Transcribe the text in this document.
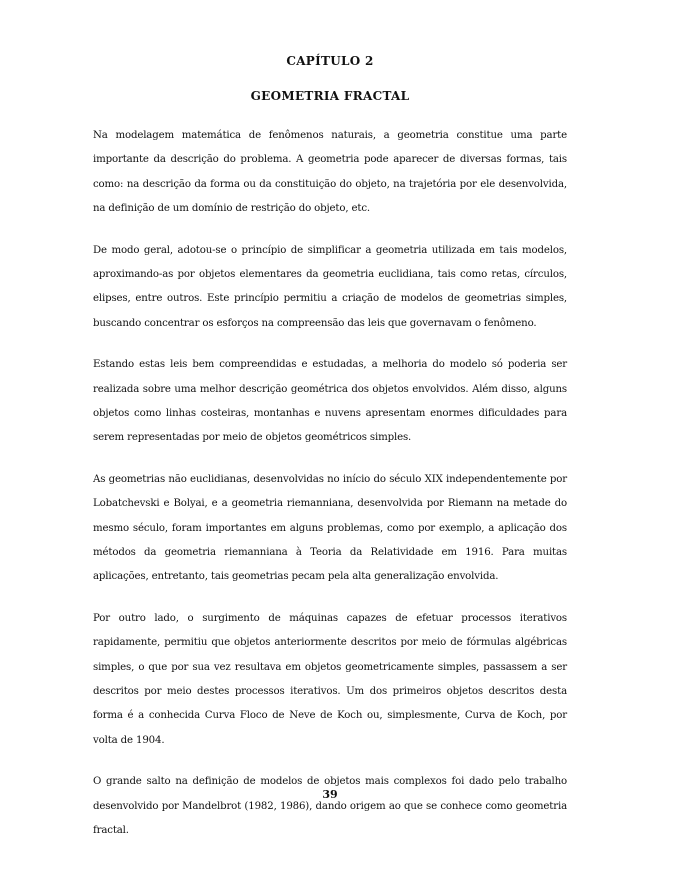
CAPÍTULO 2
GEOMETRIA FRACTAL

Na modelagem matemática de fenômenos naturais, a geometria constitue uma parte importante da descrição do problema. A geometria pode aparecer de diversas formas, tais como: na descrição da forma ou da constituição do objeto, na trajetória por ele desenvolvida, na definição de um domínio de restrição do objeto, etc.

De modo geral, adotou-se o princípio de simplificar a geometria utilizada em tais modelos, aproximando-as por objetos elementares da geometria euclidiana, tais como retas, círculos, elipses, entre outros. Este princípio permitiu a criação de modelos de geometrias simples, buscando concentrar os esforços na compreensão das leis que governavam o fenômeno.

Estando estas leis bem compreendidas e estudadas, a melhoria do modelo só poderia ser realizada sobre uma melhor descrição geométrica dos objetos envolvidos. Além disso, alguns objetos como linhas costeiras, montanhas e nuvens apresentam enormes dificuldades para serem representadas por meio de objetos geométricos simples.

As geometrias não euclidianas, desenvolvidas no início do século XIX independentemente por Lobatchevski e Bolyai, e a geometria riemanniana, desenvolvida por Riemann na metade do mesmo século, foram importantes em alguns problemas, como por exemplo, a aplicação dos métodos da geometria riemanniana à Teoria da Relatividade em 1916. Para muitas aplicações, entretanto, tais geometrias pecam pela alta generalização envolvida.

Por outro lado, o surgimento de máquinas capazes de efetuar processos iterativos rapidamente, permitiu que objetos anteriormente descritos por meio de fórmulas algébricas simples, o que por sua vez resultava em objetos geometricamente simples, passassem a ser descritos por meio destes processos iterativos. Um dos primeiros objetos descritos desta forma é a conhecida Curva Floco de Neve de Koch ou, simplesmente, Curva de Koch, por volta de 1904.

O grande salto na definição de modelos de objetos mais complexos foi dado pelo trabalho desenvolvido por Mandelbrot (1982, 1986), dando origem ao que se conhece como geometria fractal.

39
